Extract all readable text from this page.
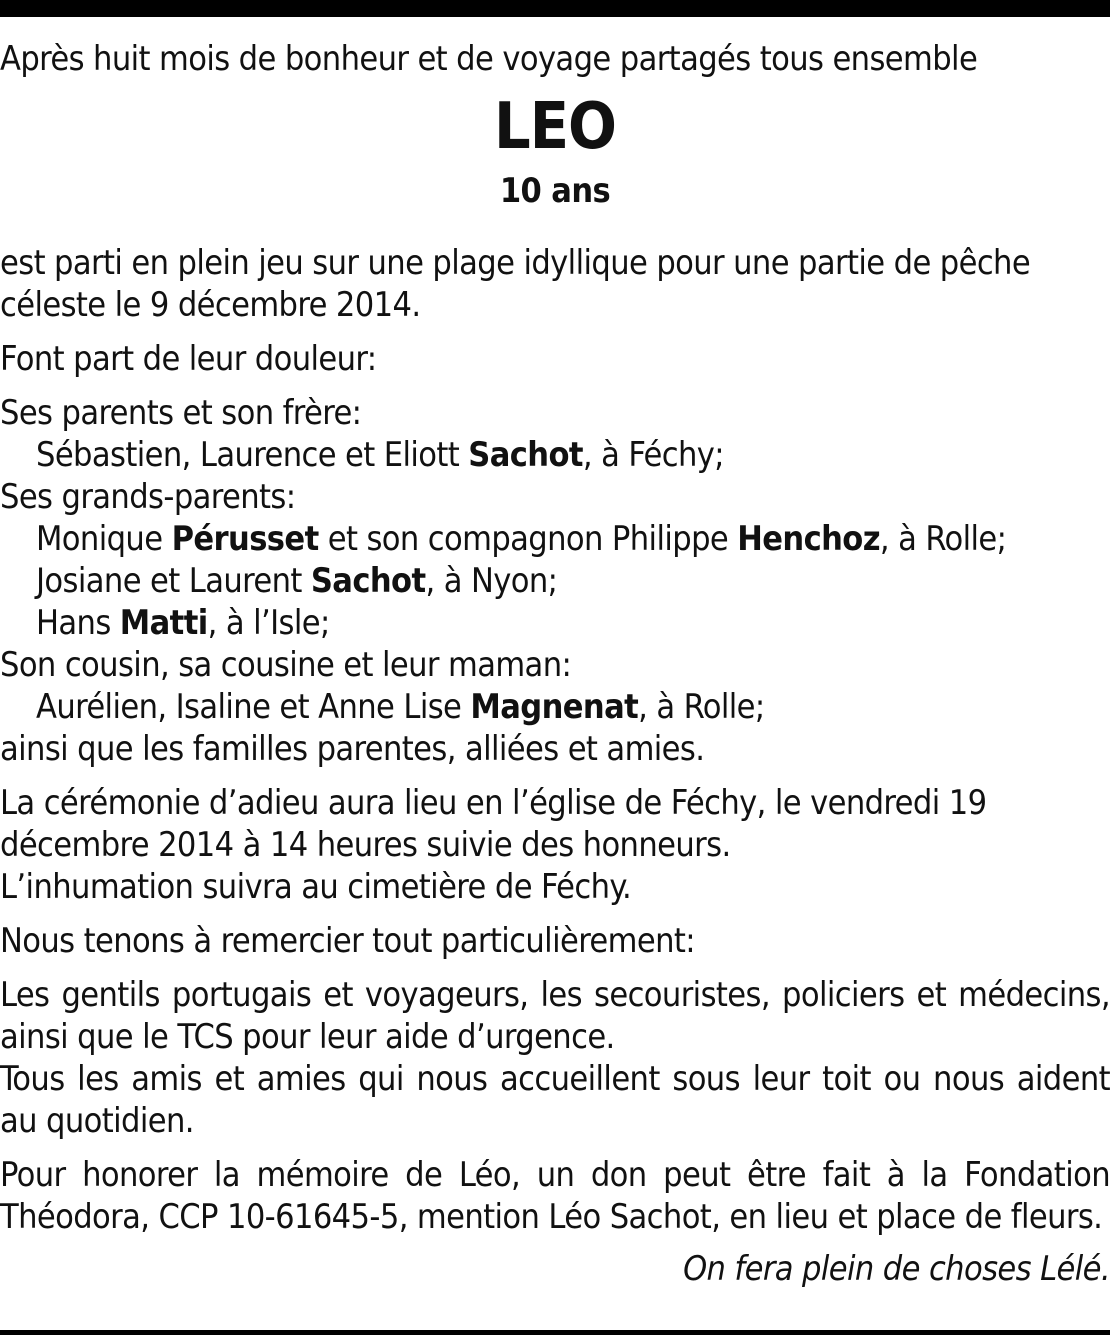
Après huit mois de bonheur et de voyage partagés tous ensemble

LEO

10 ans

est parti en plein jeu sur une plage idyllique pour une partie de pêche céleste le 9 décembre 2014.

Font part de leur douleur:

Ses parents et son frère:

Sébastien, Laurence et Eliott Sachot, à Féchy;

Ses grands-parents:

Monique Pérusset et son compagnon Philippe Henchoz, à Rolle;

Josiane et Laurent Sachot, à Nyon;

Hans Matti, à l’Isle;

Son cousin, sa cousine et leur maman:

Aurélien, Isaline et Anne Lise Magnenat, à Rolle;

ainsi que les familles parentes, alliées et amies.

La cérémonie d’adieu aura lieu en l’église de Féchy, le vendredi 19 décembre 2014 à 14 heures suivie des honneurs.

L’inhumation suivra au cimetière de Féchy.

Nous tenons à remercier tout particulièrement:

Les gentils portugais et voyageurs, les secouristes, policiers et médecins, ainsi que le TCS pour leur aide d’urgence.

Tous les amis et amies qui nous accueillent sous leur toit ou nous aident au quotidien.

Pour honorer la mémoire de Léo, un don peut être fait à la Fondation Théodora, CCP 10-61645-5, mention Léo Sachot, en lieu et place de fleurs.

On fera plein de choses Lélé.
